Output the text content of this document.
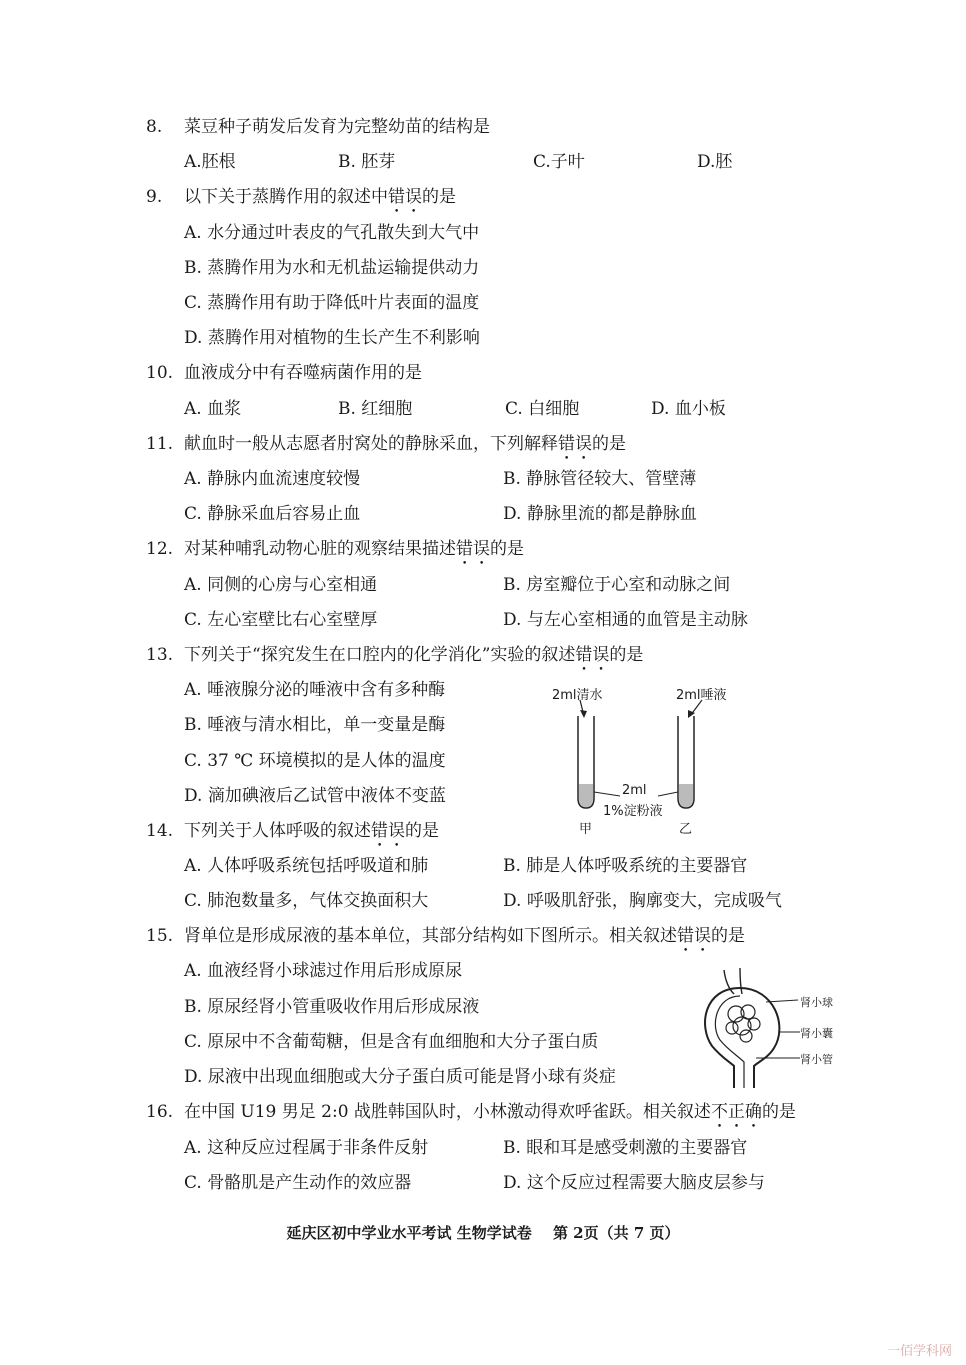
8. 菜豆种子萌发后发育为完整幼苗的结构是
A.胚根	B. 胚芽	C.子叶	D.胚
9. 以下关于蒸腾作用的叙述中错误的是
A. 水分通过叶表皮的气孔散失到大气中
B. 蒸腾作用为水和无机盐运输提供动力
C. 蒸腾作用有助于降低叶片表面的温度
D. 蒸腾作用对植物的生长产生不利影响
10. 血液成分中有吞噬病菌作用的是
A. 血浆	B. 红细胞	C. 白细胞	D. 血小板
11. 献血时一般从志愿者肘窝处的静脉采血，下列解释错误的是
A. 静脉内血流速度较慢	B. 静脉管径较大、管壁薄
C. 静脉采血后容易止血	D. 静脉里流的都是静脉血
12. 对某种哺乳动物心脏的观察结果描述错误的是
A. 同侧的心房与心室相通	B. 房室瓣位于心室和动脉之间
C. 左心室壁比右心室壁厚	D. 与左心室相通的血管是主动脉
13. 下列关于“探究发生在口腔内的化学消化”实验的叙述错误的是
A. 唾液腺分泌的唾液中含有多种酶
B. 唾液与清水相比，单一变量是酶
C. 37 ℃ 环境模拟的是人体的温度
D. 滴加碘液后乙试管中液体不变蓝
2ml清水	2ml唾液
2ml
1%淀粉液
甲	乙
14. 下列关于人体呼吸的叙述错误的是
A. 人体呼吸系统包括呼吸道和肺	B. 肺是人体呼吸系统的主要器官
C. 肺泡数量多，气体交换面积大	D. 呼吸肌舒张，胸廓变大，完成吸气
15. 肾单位是形成尿液的基本单位，其部分结构如下图所示。相关叙述错误的是
A. 血液经肾小球滤过作用后形成原尿
B. 原尿经肾小管重吸收作用后形成尿液
C. 原尿中不含葡萄糖，但是含有血细胞和大分子蛋白质
D. 尿液中出现血细胞或大分子蛋白质可能是肾小球有炎症
肾小球
肾小囊
肾小管
16. 在中国 U19 男足 2:0 战胜韩国队时，小林激动得欢呼雀跃。相关叙述不正确的是
A. 这种反应过程属于非条件反射	B. 眼和耳是感受刺激的主要器官
C. 骨骼肌是产生动作的效应器	D. 这个反应过程需要大脑皮层参与
延庆区初中学业水平考试 生物学试卷 第 2页（共 7 页）
一佰学科网
